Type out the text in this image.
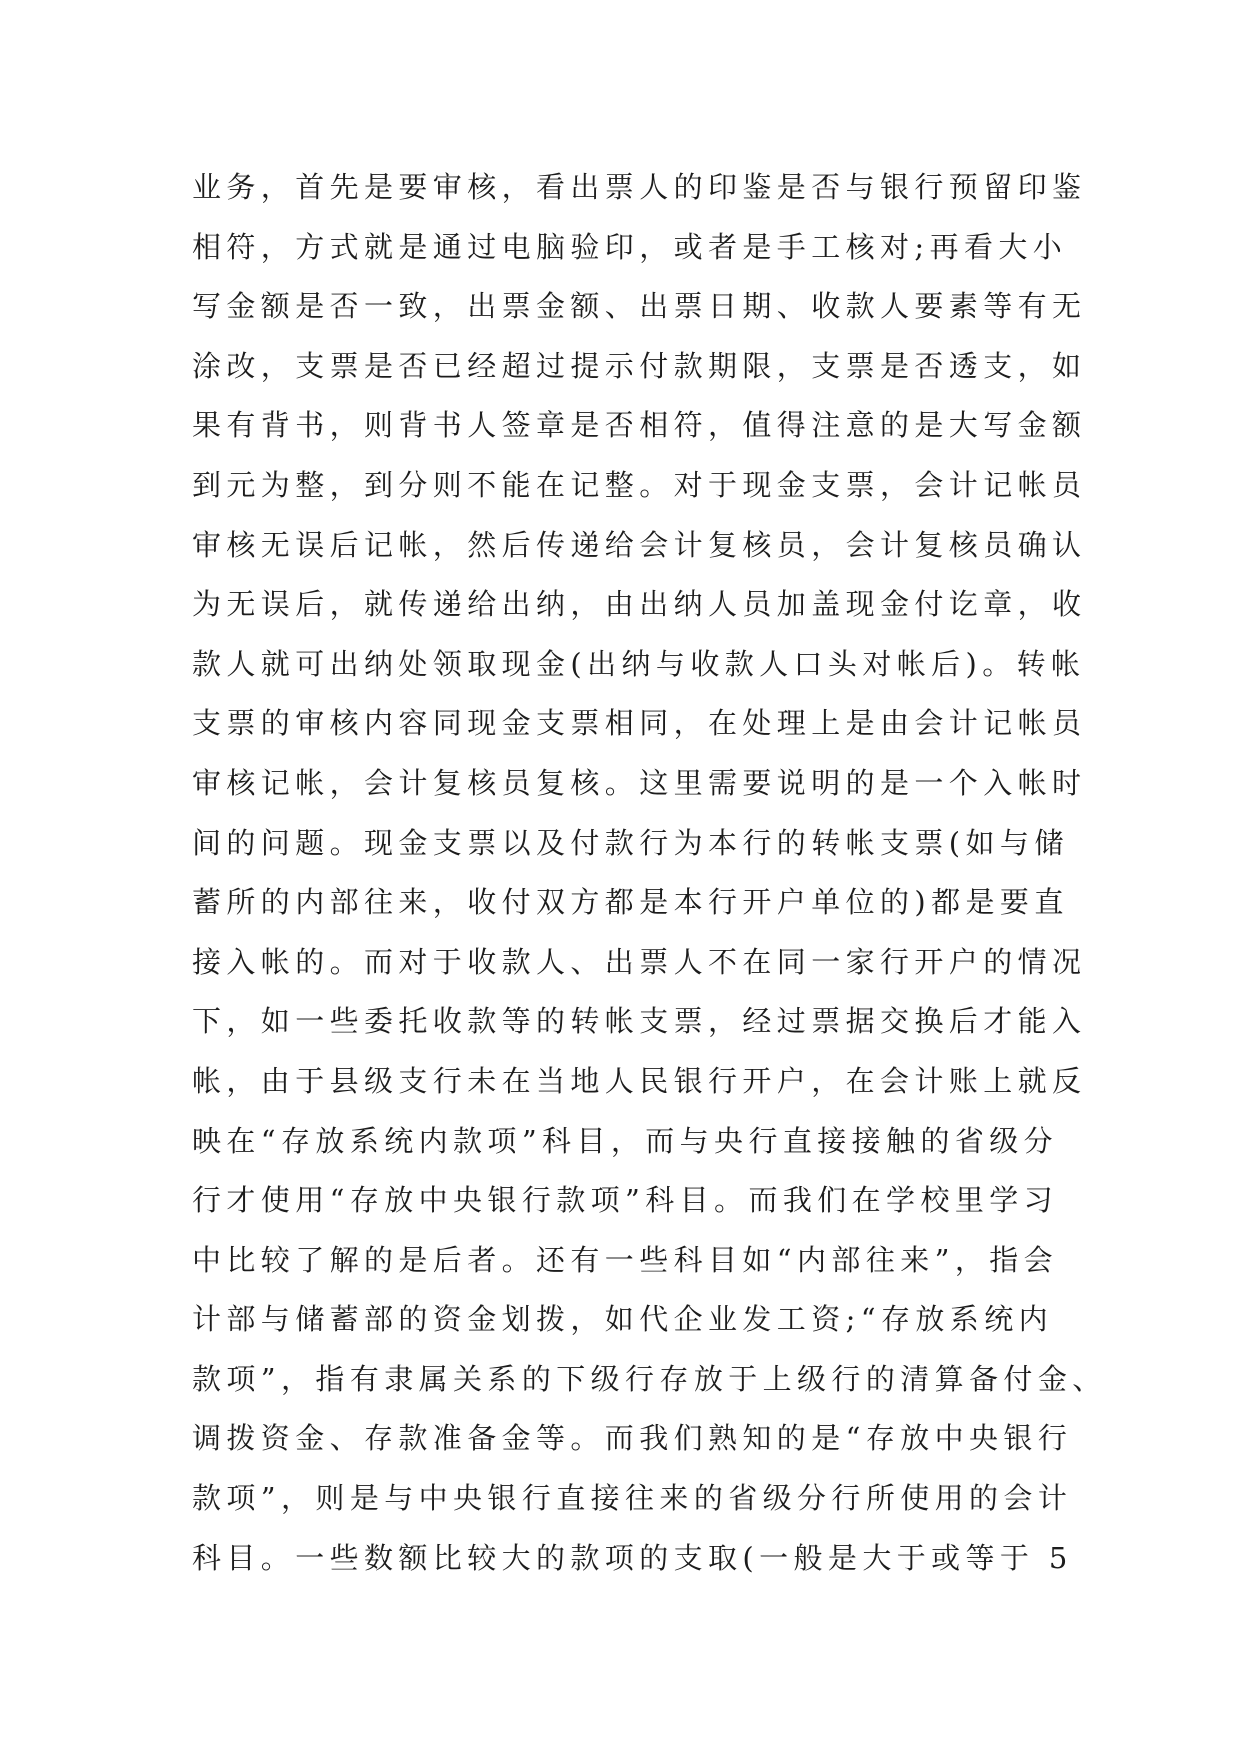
业务，首先是要审核，看出票人的印鉴是否与银行预留印鉴
相符，方式就是通过电脑验印，或者是手工核对;再看大小
写金额是否一致，出票金额、出票日期、收款人要素等有无
涂改，支票是否已经超过提示付款期限，支票是否透支，如
果有背书，则背书人签章是否相符，值得注意的是大写金额
到元为整，到分则不能在记整。对于现金支票，会计记帐员
审核无误后记帐，然后传递给会计复核员，会计复核员确认
为无误后，就传递给出纳，由出纳人员加盖现金付讫章，收
款人就可出纳处领取现金(出纳与收款人口头对帐后)。转帐
支票的审核内容同现金支票相同，在处理上是由会计记帐员
审核记帐，会计复核员复核。这里需要说明的是一个入帐时
间的问题。现金支票以及付款行为本行的转帐支票(如与储
蓄所的内部往来，收付双方都是本行开户单位的)都是要直
接入帐的。而对于收款人、出票人不在同一家行开户的情况
下，如一些委托收款等的转帐支票，经过票据交换后才能入
帐，由于县级支行未在当地人民银行开户，在会计账上就反
映在“存放系统内款项”科目，而与央行直接接触的省级分
行才使用“存放中央银行款项”科目。而我们在学校里学习
中比较了解的是后者。还有一些科目如“内部往来”，指会
计部与储蓄部的资金划拨，如代企业发工资;“存放系统内
款项”，指有隶属关系的下级行存放于上级行的清算备付金、
调拨资金、存款准备金等。而我们熟知的是“存放中央银行
款项”，则是与中央银行直接往来的省级分行所使用的会计
科目。一些数额比较大的款项的支取(一般是大于或等于 5
